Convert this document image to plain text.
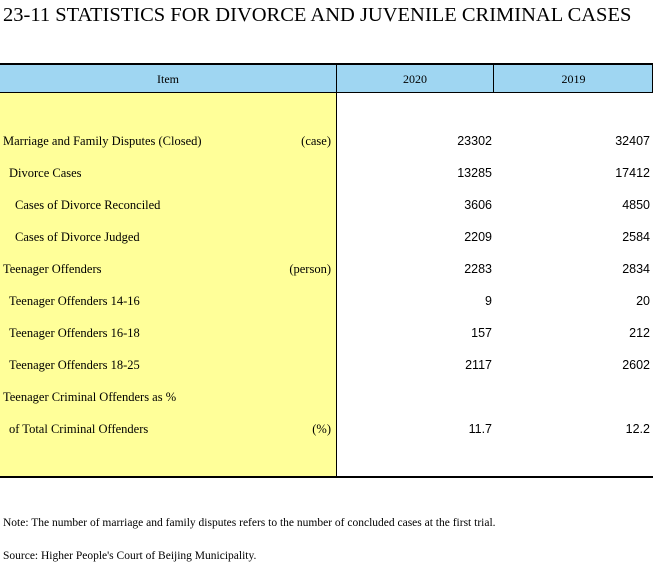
23-11 STATISTICS FOR DIVORCE AND JUVENILE CRIMINAL CASES
Item	2020	2019
Marriage and Family Disputes (Closed)	(case)	23302	32407
Divorce Cases	13285	17412
Cases of Divorce Reconciled	3606	4850
Cases of Divorce Judged	2209	2584
Teenager Offenders	(person)	2283	2834
Teenager Offenders 14-16	9	20
Teenager Offenders 16-18	157	212
Teenager Offenders 18-25	2117	2602
Teenager Criminal Offenders as %
of Total Criminal Offenders	(%)	11.7	12.2
Note: The number of marriage and family disputes refers to the number of concluded cases at the first trial.
Source: Higher People's Court of Beijing Municipality.
